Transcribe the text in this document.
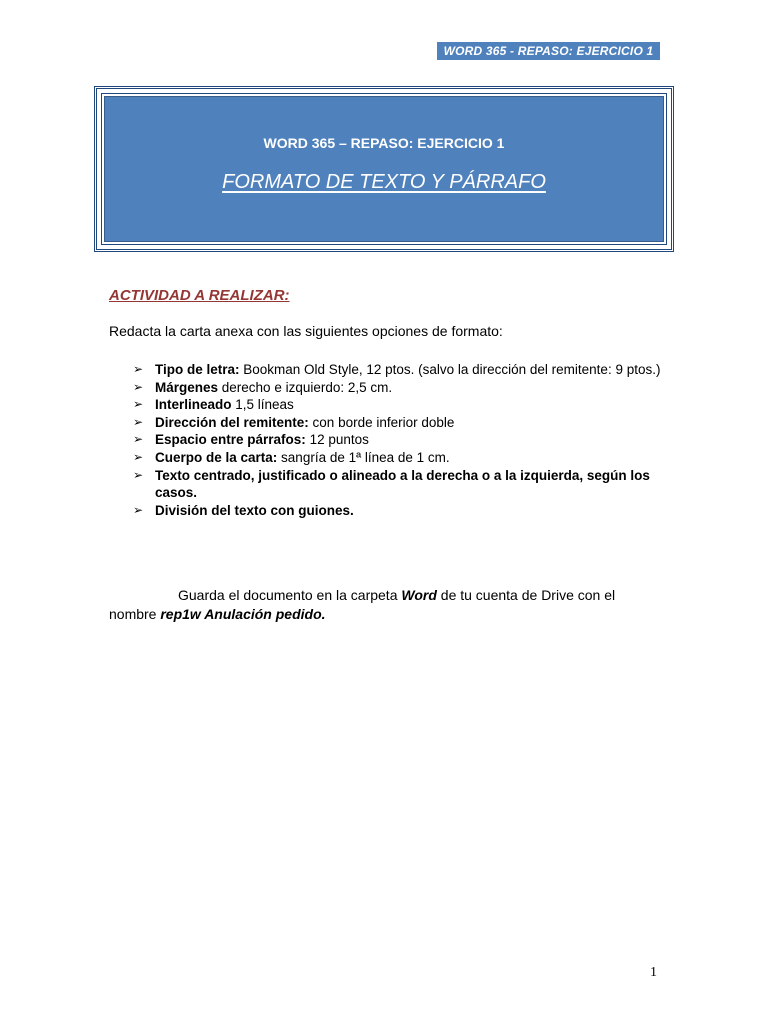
WORD 365 - REPASO: EJERCICIO 1
WORD 365 – REPASO: EJERCICIO 1
FORMATO DE TEXTO Y PÁRRAFO
ACTIVIDAD A REALIZAR:
Redacta la carta anexa con las siguientes opciones de formato:
➢ Tipo de letra: Bookman Old Style, 12 ptos. (salvo la dirección del remitente: 9 ptos.)
➢ Márgenes derecho e izquierdo: 2,5 cm.
➢ Interlineado 1,5 líneas
➢ Dirección del remitente: con borde inferior doble
➢ Espacio entre párrafos: 12 puntos
➢ Cuerpo de la carta: sangría de 1ª línea de 1 cm.
➢ Texto centrado, justificado o alineado a la derecha o a la izquierda, según los casos.
➢ División del texto con guiones.
Guarda el documento en la carpeta Word de tu cuenta de Drive con el nombre rep1w Anulación pedido.
1
